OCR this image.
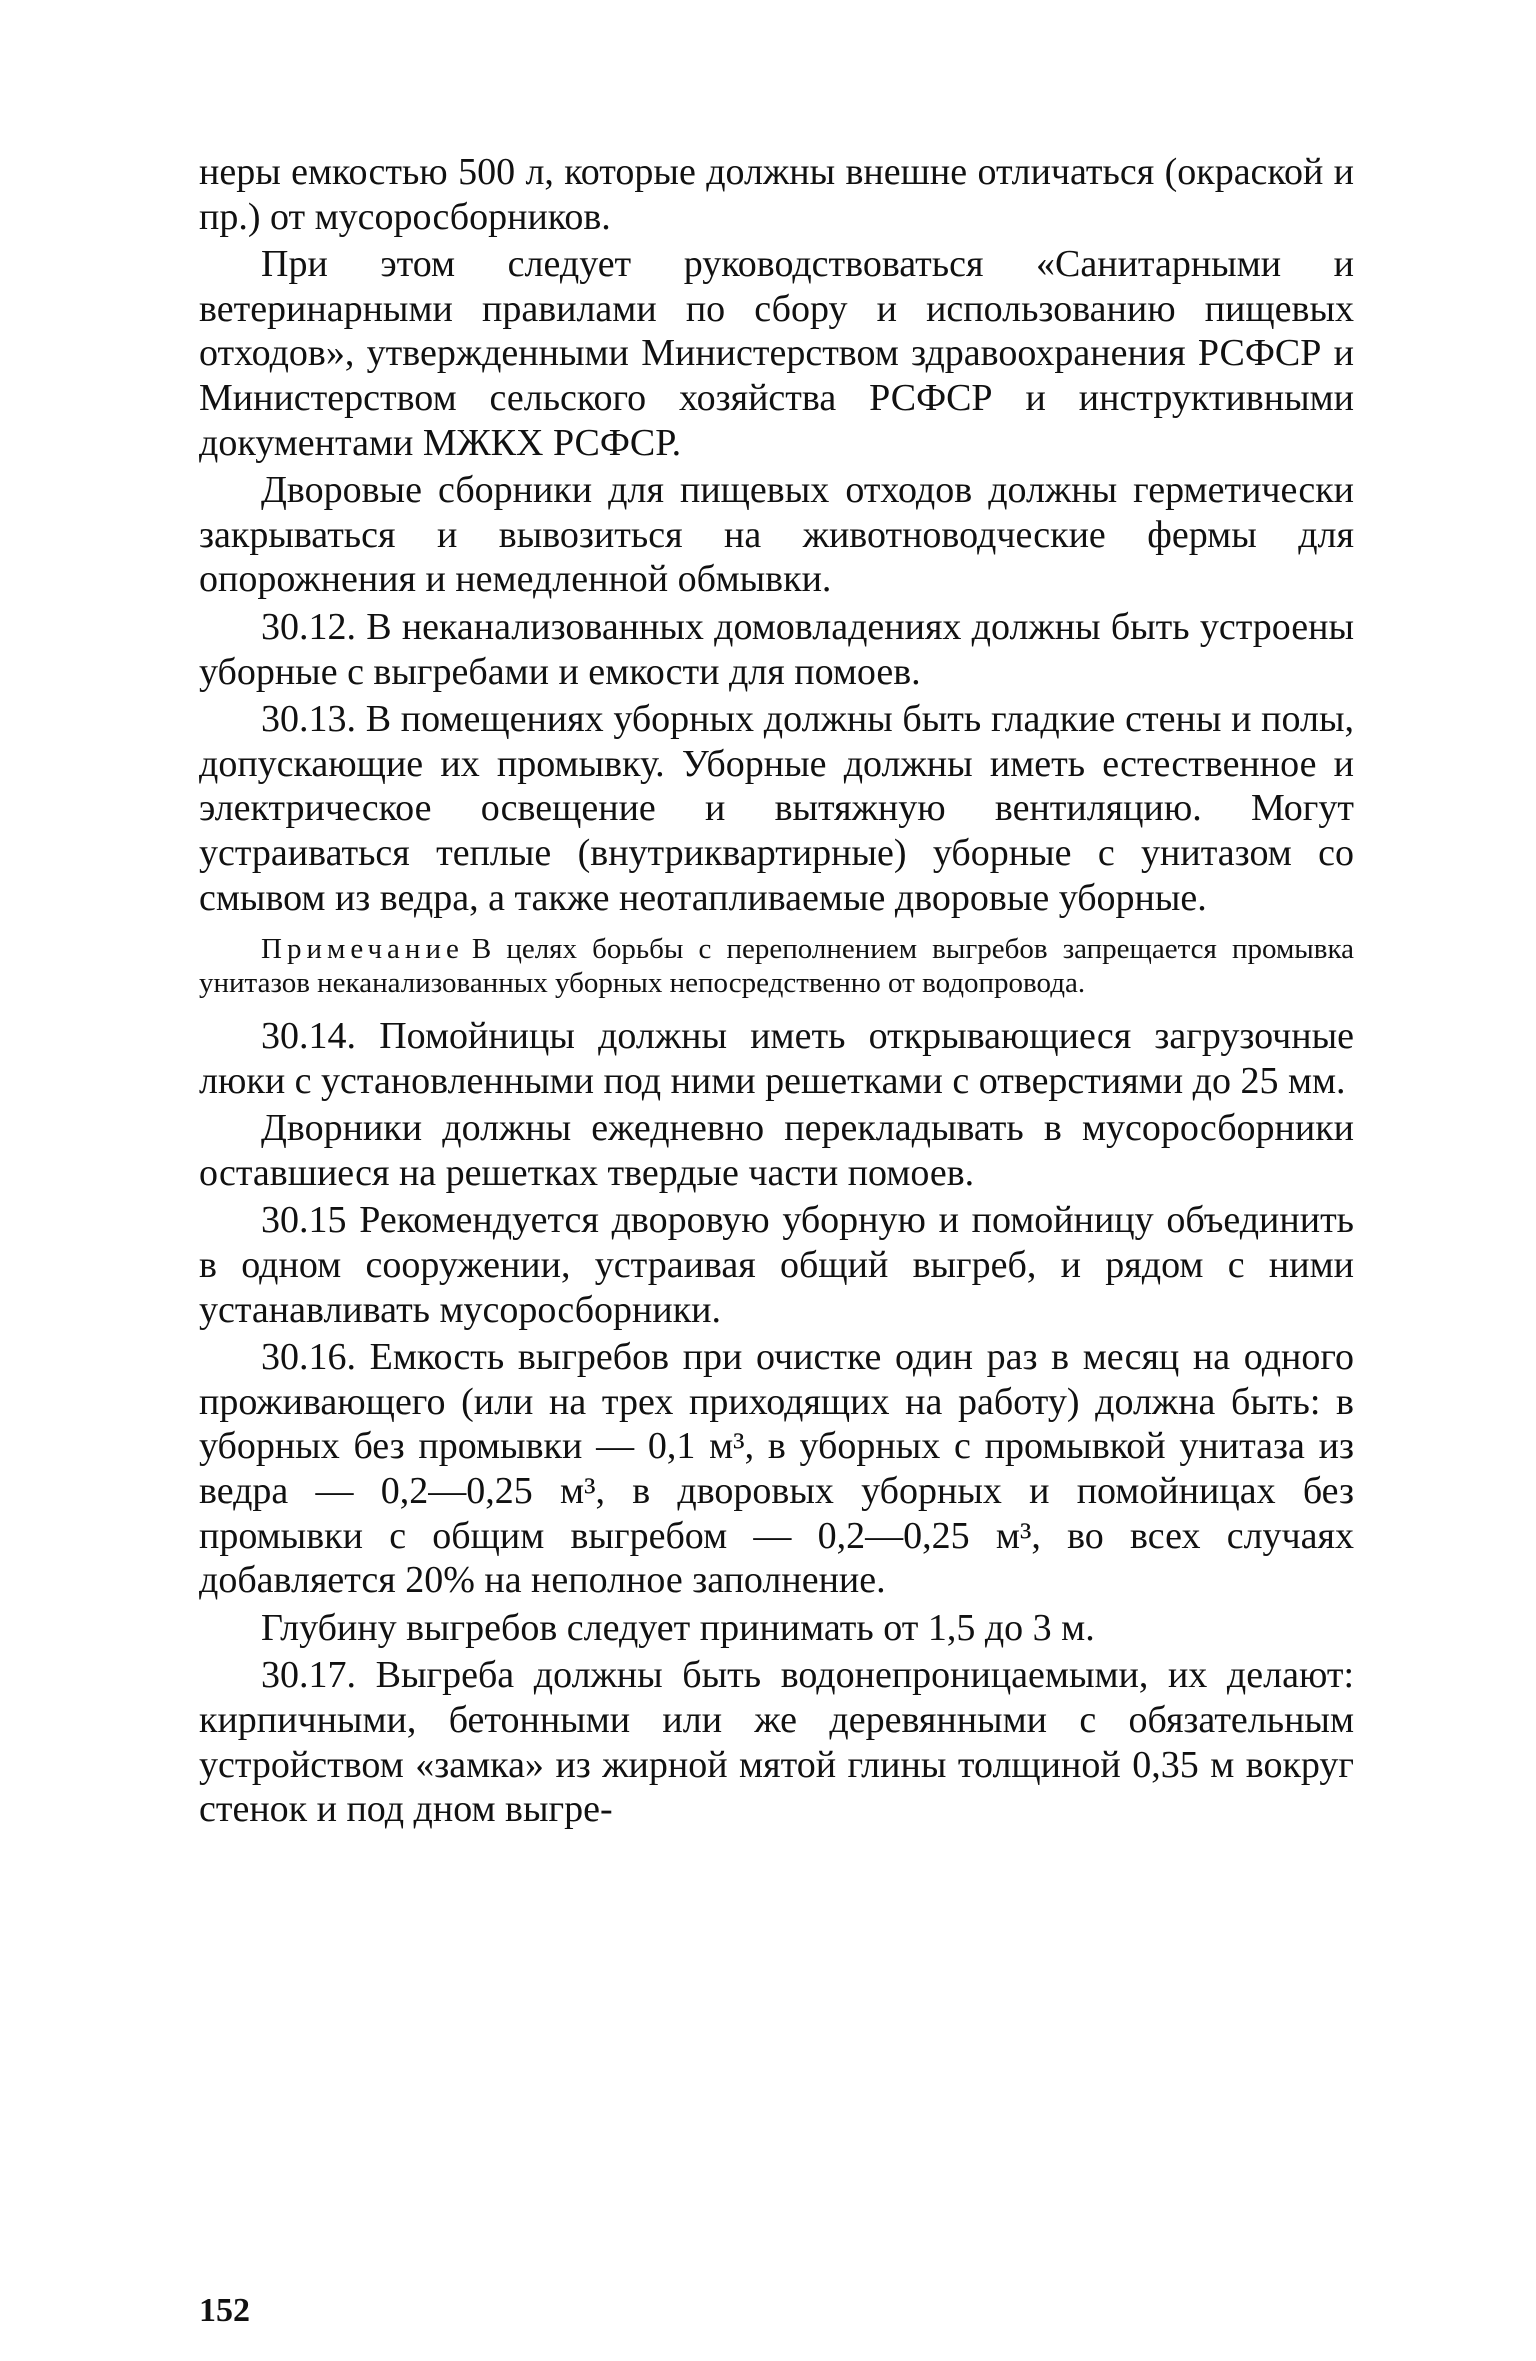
неры емкостью 500 л, которые должны внешне отличаться (окраской и пр.) от мусоросборников.

При этом следует руководствоваться «Санитарными и ветеринарными правилами по сбору и использованию пищевых отходов», утвержденными Министерством здравоохранения РСФСР и Министерством сельского хозяйства РСФСР и инструктивными документами МЖКХ РСФСР.

Дворовые сборники для пищевых отходов должны герметически закрываться и вывозиться на животноводческие фермы для опорожнения и немедленной обмывки.

30.12. В неканализованных домовладениях должны быть устроены уборные с выгребами и емкости для помоев.

30.13. В помещениях уборных должны быть гладкие стены и полы, допускающие их промывку. Уборные должны иметь естественное и электрическое освещение и вытяжную вентиляцию. Могут устраиваться теплые (внутриквартирные) уборные с унитазом со смывом из ведра, а также неотапливаемые дворовые уборные.

Примечание В целях борьбы с переполнением выгребов запрещается промывка унитазов неканализованных уборных непосредственно от водопровода.

30.14. Помойницы должны иметь открывающиеся загрузочные люки с установленными под ними решетками с отверстиями до 25 мм.

Дворники должны ежедневно перекладывать в мусоросборники оставшиеся на решетках твердые части помоев.

30.15 Рекомендуется дворовую уборную и помойницу объединить в одном сооружении, устраивая общий выгреб, и рядом с ними устанавливать мусоросборники.

30.16. Емкость выгребов при очистке один раз в месяц на одного проживающего (или на трех приходящих на работу) должна быть: в уборных без промывки — 0,1 м³, в уборных с промывкой унитаза из ведра — 0,2—0,25 м³, в дворовых уборных и помойницах без промывки с общим выгребом — 0,2—0,25 м³, во всех случаях добавляется 20% на неполное заполнение.

Глубину выгребов следует принимать от 1,5 до 3 м.

30.17. Выгреба должны быть водонепроницаемыми, их делают: кирпичными, бетонными или же деревянными с обязательным устройством «замка» из жирной мятой глины толщиной 0,35 м вокруг стенок и под дном выгре-

152
